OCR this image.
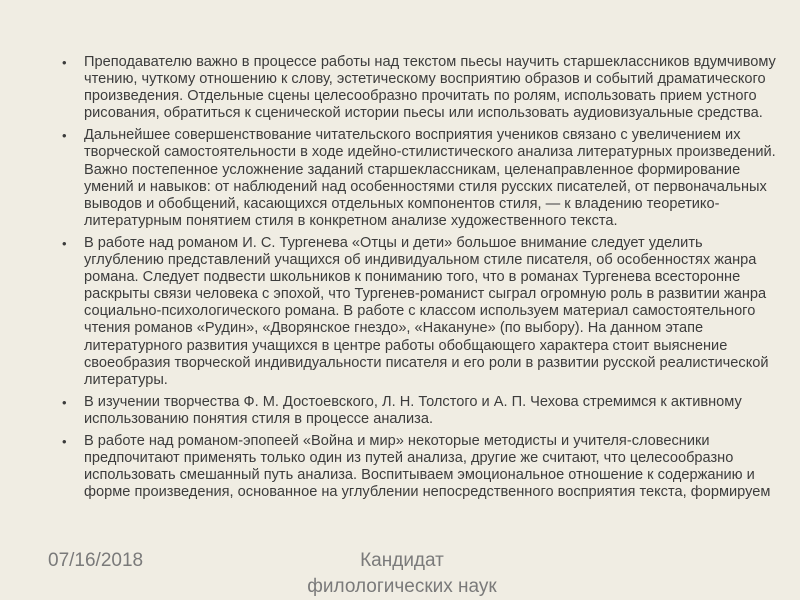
• Преподавателю важно в процессе работы над текстом пьесы научить старшеклассников вдумчивому чтению, чуткому отношению к слову, эстетическому восприятию образов и событий драматического произведения. Отдельные сцены целесообразно прочитать по ролям, использовать прием устного рисования, обратиться к сценической истории пьесы или использовать аудиовизуальные средства.
• Дальнейшее совершенствование читательского восприятия учеников связано с увеличением их творческой самостоятельности в ходе идейно-стилистического анализа литературных произведений. Важно постепенное усложнение заданий старшеклассникам, целенаправленное формирование умений и навыков: от наблюдений над особенностями стиля русских писателей, от первоначальных выводов и обобщений, касающихся отдельных компонентов стиля, — к владению теоретико-литературным понятием стиля в конкретном анализе художественного текста.
• В работе над романом И. С. Тургенева «Отцы и дети» большое внимание следует уделить углублению представлений учащихся об индивидуальном стиле писателя, об особенностях жанра романа. Следует подвести школьников к пониманию того, что в романах Тургенева всесторонне раскрыты связи человека с эпохой, что Тургенев-романист сыграл огромную роль в развитии жанра социально-психологического романа. В работе с классом используем материал самостоятельного чтения романов «Рудин», «Дворянское гнездо», «Накануне» (по выбору). На данном этапе литературного развития учащихся в центре работы обобщающего характера стоит выяснение своеобразия творческой индивидуальности писателя и его роли в развитии русской реалистической литературы.
• В изучении творчества Ф. М. Достоевского, Л. Н. Толстого и А. П. Чехова стремимся к активному использованию понятия стиля в процессе анализа.
• В работе над романом-эпопеей «Война и мир» некоторые методисты и учителя-словесники предпочитают применять только один из путей анализа, другие же считают, что целесообразно использовать смешанный путь анализа. Воспитываем эмоциональное отношение к содержанию и форме произведения, основанное на углублении непосредственного восприятия текста, формируем
07/16/2018	Кандидат
филологических наук
